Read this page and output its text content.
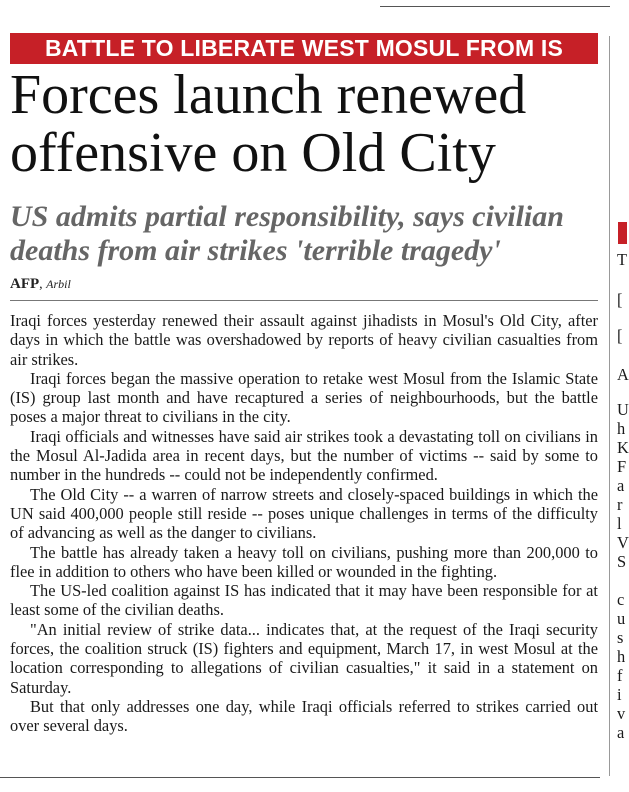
BATTLE TO LIBERATE WEST MOSUL FROM IS
Forces launch renewed offensive on Old City
US admits partial responsibility, says civilian deaths from air strikes 'terrible tragedy'
AFP, Arbil

Iraqi forces yesterday renewed their assault against jihadists in Mosul's Old City, after days in which the battle was overshadowed by reports of heavy civilian casualties from air strikes.

Iraqi forces began the massive operation to retake west Mosul from the Islamic State (IS) group last month and have recaptured a series of neighbourhoods, but the battle poses a major threat to civilians in the city.

Iraqi officials and witnesses have said air strikes took a devastating toll on civilians in the Mosul Al-Jadida area in recent days, but the number of victims -- said by some to number in the hundreds -- could not be independently confirmed.

The Old City -- a warren of narrow streets and closely-spaced buildings in which the UN said 400,000 people still reside -- poses unique challenges in terms of the difficulty of advancing as well as the danger to civilians.

The battle has already taken a heavy toll on civilians, pushing more than 200,000 to flee in addition to others who have been killed or wounded in the fighting.

The US-led coalition against IS has indicated that it may have been responsible for at least some of the civilian deaths.

"An initial review of strike data... indicates that, at the request of the Iraqi security forces, the coalition struck (IS) fighters and equipment, March 17, in west Mosul at the location corresponding to allegations of civilian casualties," it said in a statement on Saturday.

But that only addresses one day, while Iraqi officials referred to strikes carried out over several days.

T
[
[
A
U
h
K
F
a
r
l
V
S
c
u
s
h
f
i
v
a
